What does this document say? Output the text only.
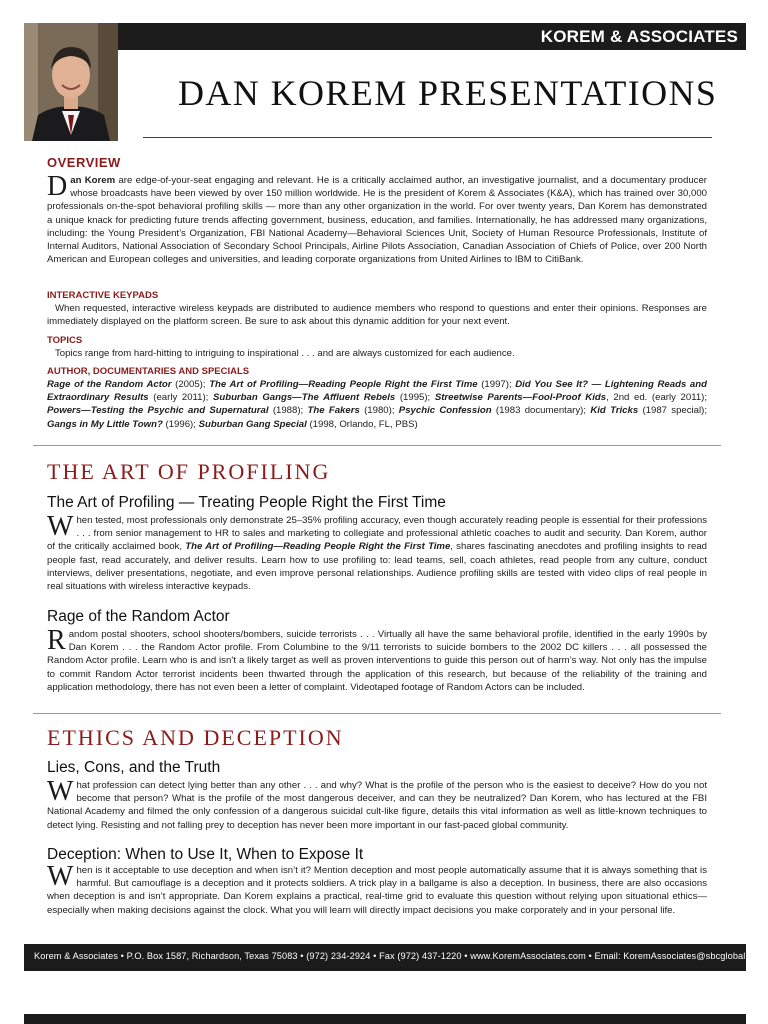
KOREM & ASSOCIATES
DAN KOREM PRESENTATIONS
OVERVIEW

Dan Korem are edge-of-your-seat engaging and relevant. He is a critically acclaimed author, an investigative journalist, and a documentary producer whose broadcasts have been viewed by over 150 million worldwide. He is the president of Korem & Associates (K&A), which has trained over 30,000 professionals on-the-spot behavioral profiling skills — more than any other organization in the world. For over twenty years, Dan Korem has demonstrated a unique knack for predicting future trends affecting government, business, education, and families. Internationally, he has addressed many organizations, including: the Young President’s Organization, FBI National Academy—Behavioral Sciences Unit, Society of Human Resource Professionals, Institute of Internal Auditors, National Association of Secondary School Principals, Airline Pilots Association, Canadian Association of Chiefs of Police, over 200 North American and European colleges and universities, and leading corporate organizations from United Airlines to IBM to CitiBank.

INTERACTIVE KEYPADS

When requested, interactive wireless keypads are distributed to audience members who respond to questions and enter their opinions. Responses are immediately displayed on the platform screen. Be sure to ask about this dynamic addition for your next event.

TOPICS

Topics range from hard-hitting to intriguing to inspirational . . . and are always customized for each audience.

AUTHOR, DOCUMENTARIES AND SPECIALS

Rage of the Random Actor (2005); The Art of Profiling—Reading People Right the First Time (1997); Did You See It? — Lightening Reads and Extraordinary Results (early 2011); Suburban Gangs—The Affluent Rebels (1995); Streetwise Parents—Fool-Proof Kids, 2nd ed. (early 2011); Powers—Testing the Psychic and Supernatural (1988); The Fakers (1980); Psychic Confession (1983 documentary); Kid Tricks (1987 special); Gangs in My Little Town? (1996); Suburban Gang Special (1998, Orlando, FL, PBS)

THE ART OF PROFILING
The Art of Profiling — Treating People Right the First Time

When tested, most professionals only demonstrate 25–35% profiling accuracy, even though accurately reading people is essential for their professions . . . from senior management to HR to sales and marketing to collegiate and professional athletic coaches to audit and security. Dan Korem, author of the critically acclaimed book, The Art of Profiling—Reading People Right the First Time, shares fascinating anecdotes and profiling insights to read people fast, read accurately, and deliver results. Learn how to use profiling to: lead teams, sell, coach athletes, read people from any culture, conduct interviews, deliver presentations, negotiate, and even improve personal relationships. Audience profiling skills are tested with video clips of real people in real situations with wireless interactive keypads.

Rage of the Random Actor

Random postal shooters, school shooters/bombers, suicide terrorists . . . Virtually all have the same behavioral profile, identified in the early 1990s by Dan Korem . . . the Random Actor profile. From Columbine to the 9/11 terrorists to suicide bombers to the 2002 DC killers . . . all possessed the Random Actor profile. Learn who is and isn’t a likely target as well as proven interventions to guide this person out of harm’s way. Not only has the impulse to commit Random Actor terrorist incidents been thwarted through the application of this research, but because of the reliability of the training and application methodology, there has not even been a letter of complaint. Videotaped footage of Random Actors can be included.

ETHICS AND DECEPTION
Lies, Cons, and the Truth

What profession can detect lying better than any other . . . and why? What is the profile of the person who is the easiest to deceive? How do you not become that person? What is the profile of the most dangerous deceiver, and can they be neutralized? Dan Korem, who has lectured at the FBI National Academy and filmed the only confession of a dangerous suicidal cult-like figure, details this vital information as well as little-known techniques to detect lying. Resisting and not falling prey to deception has never been more important in our fast-paced global community.

Deception: When to Use It, When to Expose It

When is it acceptable to use deception and when isn’t it? Mention deception and most people automatically assume that it is always something that is harmful. But camouflage is a deception and it protects soldiers. A trick play in a ballgame is also a deception. In business, there are also occasions when deception is and isn’t appropriate. Dan Korem explains a practical, real-time grid to evaluate this question without relying upon situational ethics—especially when making decisions against the clock. What you will learn will directly impact decisions you make corporately and in your personal life.

Korem & Associates • P.O. Box 1587, Richardson, Texas 75083 • (972) 234-2924 • Fax (972) 437-1220 • www.KoremAssociates.com • Email: KoremAssociates@sbcglobal.net
